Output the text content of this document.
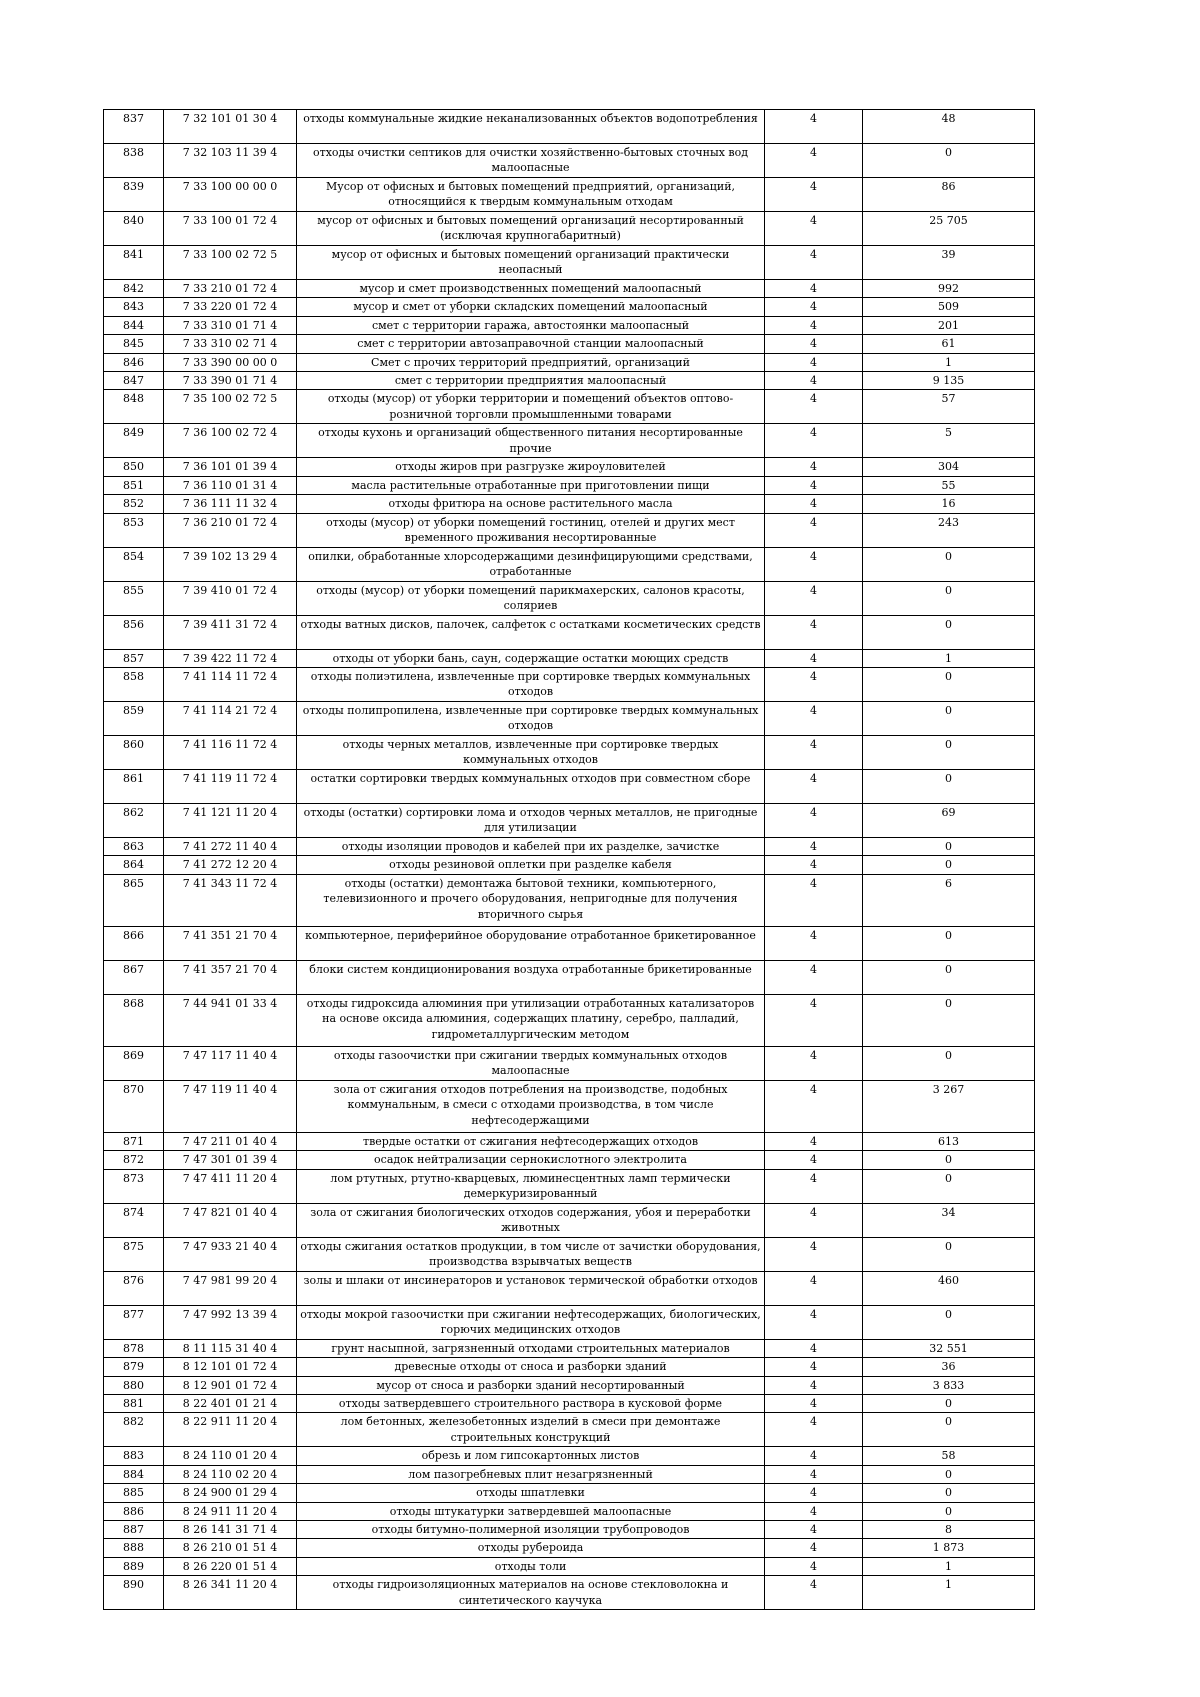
837	7 32 101 01 30 4	отходы коммунальные жидкие неканализованных объектов водопотребления	4	48
838	7 32 103 11 39 4	отходы очистки септиков для очистки хозяйственно-бытовых сточных вод малоопасные	4	0
839	7 33 100 00 00 0	Мусор от офисных и бытовых помещений предприятий, организаций, относящийся к твердым коммунальным отходам	4	86
840	7 33 100 01 72 4	мусор от офисных и бытовых помещений организаций несортированный (исключая крупногабаритный)	4	25 705
841	7 33 100 02 72 5	мусор от офисных и бытовых помещений организаций практически неопасный	4	39
842	7 33 210 01 72 4	мусор и смет производственных помещений малоопасный	4	992
843	7 33 220 01 72 4	мусор и смет от уборки складских помещений малоопасный	4	509
844	7 33 310 01 71 4	смет с территории гаража, автостоянки малоопасный	4	201
845	7 33 310 02 71 4	смет с территории автозаправочной станции малоопасный	4	61
846	7 33 390 00 00 0	Смет с прочих территорий предприятий, организаций	4	1
847	7 33 390 01 71 4	смет с территории предприятия малоопасный	4	9 135
848	7 35 100 02 72 5	отходы (мусор) от уборки территории и помещений объектов оптово-розничной торговли промышленными товарами	4	57
849	7 36 100 02 72 4	отходы кухонь и организаций общественного питания несортированные прочие	4	5
850	7 36 101 01 39 4	отходы жиров при разгрузке жироуловителей	4	304
851	7 36 110 01 31 4	масла растительные отработанные при приготовлении пищи	4	55
852	7 36 111 11 32 4	отходы фритюра на основе растительного масла	4	16
853	7 36 210 01 72 4	отходы (мусор) от уборки помещений гостиниц, отелей и других мест временного проживания несортированные	4	243
854	7 39 102 13 29 4	опилки, обработанные хлорсодержащими дезинфицирующими средствами, отработанные	4	0
855	7 39 410 01 72 4	отходы (мусор) от уборки помещений парикмахерских, салонов красоты, соляриев	4	0
856	7 39 411 31 72 4	отходы ватных дисков, палочек, салфеток с остатками косметических средств	4	0
857	7 39 422 11 72 4	отходы от уборки бань, саун, содержащие остатки моющих средств	4	1
858	7 41 114 11 72 4	отходы полиэтилена, извлеченные при сортировке твердых коммунальных отходов	4	0
859	7 41 114 21 72 4	отходы полипропилена, извлеченные при сортировке твердых коммунальных отходов	4	0
860	7 41 116 11 72 4	отходы черных металлов, извлеченные при сортировке твердых коммунальных отходов	4	0
861	7 41 119 11 72 4	остатки сортировки твердых коммунальных отходов при совместном сборе	4	0
862	7 41 121 11 20 4	отходы (остатки) сортировки лома и отходов черных металлов, не пригодные для утилизации	4	69
863	7 41 272 11 40 4	отходы изоляции проводов и кабелей при их разделке, зачистке	4	0
864	7 41 272 12 20 4	отходы резиновой оплетки при разделке кабеля	4	0
865	7 41 343 11 72 4	отходы (остатки) демонтажа бытовой техники, компьютерного, телевизионного и прочего оборудования, непригодные для получения вторичного сырья	4	6
866	7 41 351 21 70 4	компьютерное, периферийное оборудование отработанное брикетированное	4	0
867	7 41 357 21 70 4	блоки систем кондиционирования воздуха отработанные брикетированные	4	0
868	7 44 941 01 33 4	отходы гидроксида алюминия при утилизации отработанных катализаторов на основе оксида алюминия, содержащих платину, серебро, палладий, гидрометаллургическим методом	4	0
869	7 47 117 11 40 4	отходы газоочистки при сжигании твердых коммунальных отходов малоопасные	4	0
870	7 47 119 11 40 4	зола от сжигания отходов потребления на производстве, подобных коммунальным, в смеси с отходами производства, в том числе нефтесодержащими	4	3 267
871	7 47 211 01 40 4	твердые остатки от сжигания нефтесодержащих отходов	4	613
872	7 47 301 01 39 4	осадок нейтрализации сернокислотного электролита	4	0
873	7 47 411 11 20 4	лом ртутных, ртутно-кварцевых, люминесцентных ламп термически демеркуризированный	4	0
874	7 47 821 01 40 4	зола от сжигания биологических отходов содержания, убоя и переработки животных	4	34
875	7 47 933 21 40 4	отходы сжигания остатков продукции, в том числе от зачистки оборудования, производства взрывчатых веществ	4	0
876	7 47 981 99 20 4	золы и шлаки от инсинераторов и установок термической обработки отходов	4	460
877	7 47 992 13 39 4	отходы мокрой газоочистки при сжигании нефтесодержащих, биологических, горючих медицинских отходов	4	0
878	8 11 115 31 40 4	грунт насыпной, загрязненный отходами строительных материалов	4	32 551
879	8 12 101 01 72 4	древесные отходы от сноса и разборки зданий	4	36
880	8 12 901 01 72 4	мусор от сноса и разборки зданий несортированный	4	3 833
881	8 22 401 01 21 4	отходы затвердевшего строительного раствора в кусковой форме	4	0
882	8 22 911 11 20 4	лом бетонных, железобетонных изделий в смеси при демонтаже строительных конструкций	4	0
883	8 24 110 01 20 4	обрезь и лом гипсокартонных листов	4	58
884	8 24 110 02 20 4	лом пазогребневых плит незагрязненный	4	0
885	8 24 900 01 29 4	отходы шпатлевки	4	0
886	8 24 911 11 20 4	отходы штукатурки затвердевшей малоопасные	4	0
887	8 26 141 31 71 4	отходы битумно-полимерной изоляции трубопроводов	4	8
888	8 26 210 01 51 4	отходы рубероида	4	1 873
889	8 26 220 01 51 4	отходы толи	4	1
890	8 26 341 11 20 4	отходы гидроизоляционных материалов на основе стекловолокна и синтетического каучука	4	1
